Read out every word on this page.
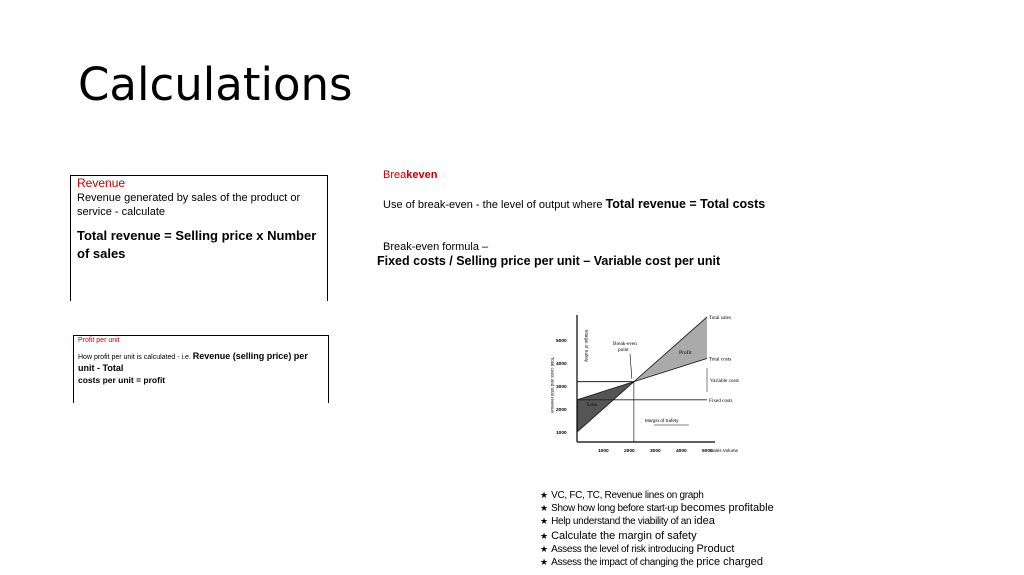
Calculations
Revenue
Revenue generated by sales of the product or service - calculate
Total revenue = Selling price x Number of sales
Profit per unit
How profit per unit is calculated - i.e. Revenue (selling price) per unit - Total
costs per unit = profit
Breakeven
Use of break-even - the level of output where Total revenue = Total costs
Break-even formula –
Fixed costs / Selling price per unit – Variable cost per unit
Total sales
Total costs
Fixed costs
1000
2000
3000
4000
5000
1000	2000	3000	4000	5000
Sales Volume
Total costs and total revenue
Margin of Safety	Break-even
point	Profit
Loss
Variable costs
Margin of Safety
★ VC, FC, TC, Revenue lines on graph
★ Show how long before start-up becomes profitable
★ Help understand the viability of an idea
★ Calculate the margin of safety
★ Assess the level of risk introducing Product
★ Assess the impact of changing the price charged
